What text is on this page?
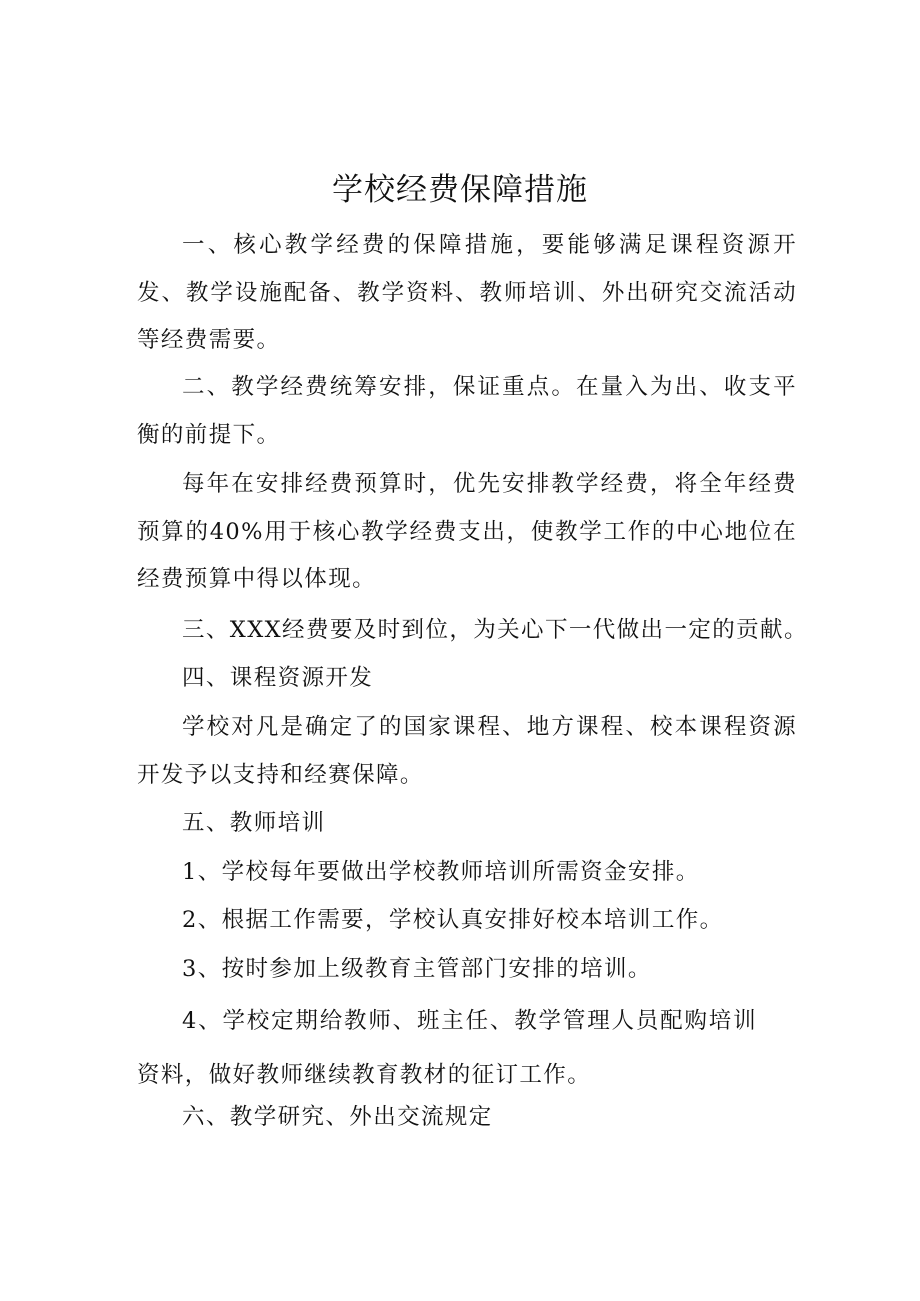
学校经费保障措施

一、核心教学经费的保障措施，要能够满足课程资源开发、教学设施配备、教学资料、教师培训、外出研究交流活动等经费需要。

二、教学经费统筹安排，保证重点。在量入为出、收支平衡的前提下。

每年在安排经费预算时，优先安排教学经费，将全年经费预算的40%用于核心教学经费支出，使教学工作的中心地位在经费预算中得以体现。

三、XXX经费要及时到位，为关心下一代做出一定的贡献。

四、课程资源开发

学校对凡是确定了的国家课程、地方课程、校本课程资源开发予以支持和经赛保障。

五、教师培训

1、学校每年要做出学校教师培训所需资金安排。

2、根据工作需要，学校认真安排好校本培训工作。

3、按时参加上级教育主管部门安排的培训。

4、学校定期给教师、班主任、教学管理人员配购培训资料，做好教师继续教育教材的征订工作。

六、教学研究、外出交流规定
